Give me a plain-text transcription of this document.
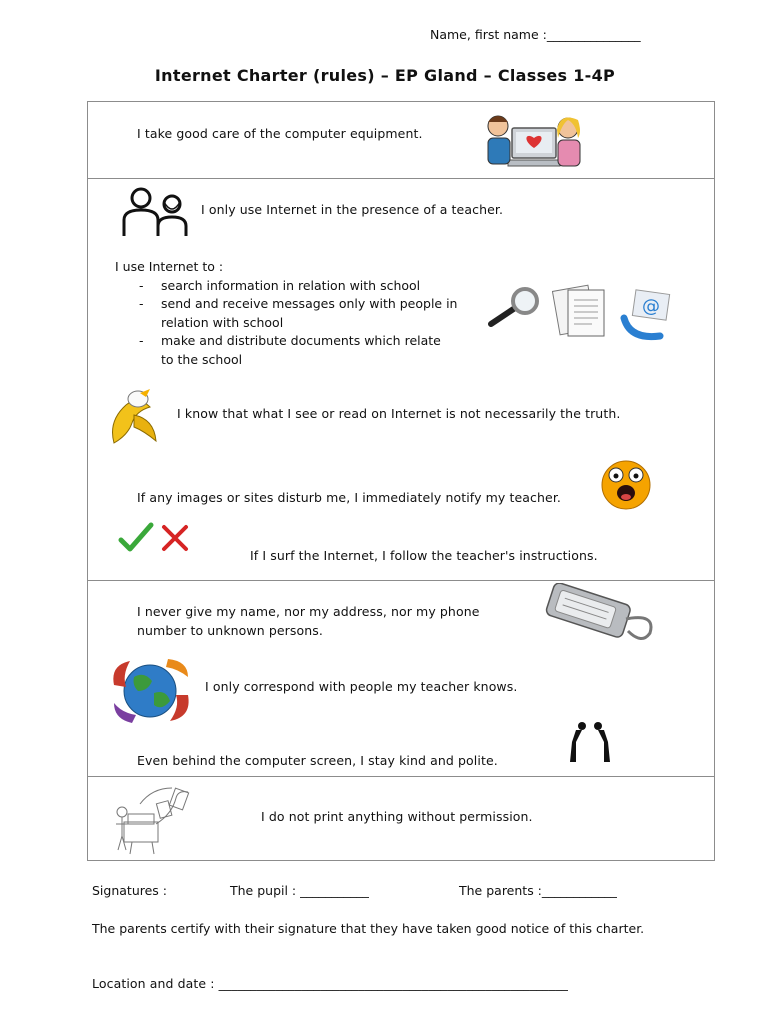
Name, first name :_______________
Internet Charter (rules) – EP Gland – Classes 1-4P
I take good care of the computer equipment.
I only use Internet in the presence of a teacher.
I use Internet to :
- search information in relation with school
- send and receive messages only with people in
relation with school
- make and distribute documents which relate
to the school
@
I know that what I see or read on Internet is not necessarily the truth.
If any images or sites disturb me, I immediately notify my teacher.
If I surf the Internet, I follow the teacher's instructions.
I never give my name, nor my address, nor my phone
number to unknown persons.
I only correspond with people my teacher knows.
Even behind the computer screen, I stay kind and polite.
I do not print anything without permission.
Signatures :	The pupil : ___________	The parents :____________
The parents certify with their signature that they have taken good notice of this charter.
Location and date : _______________________________________________________
